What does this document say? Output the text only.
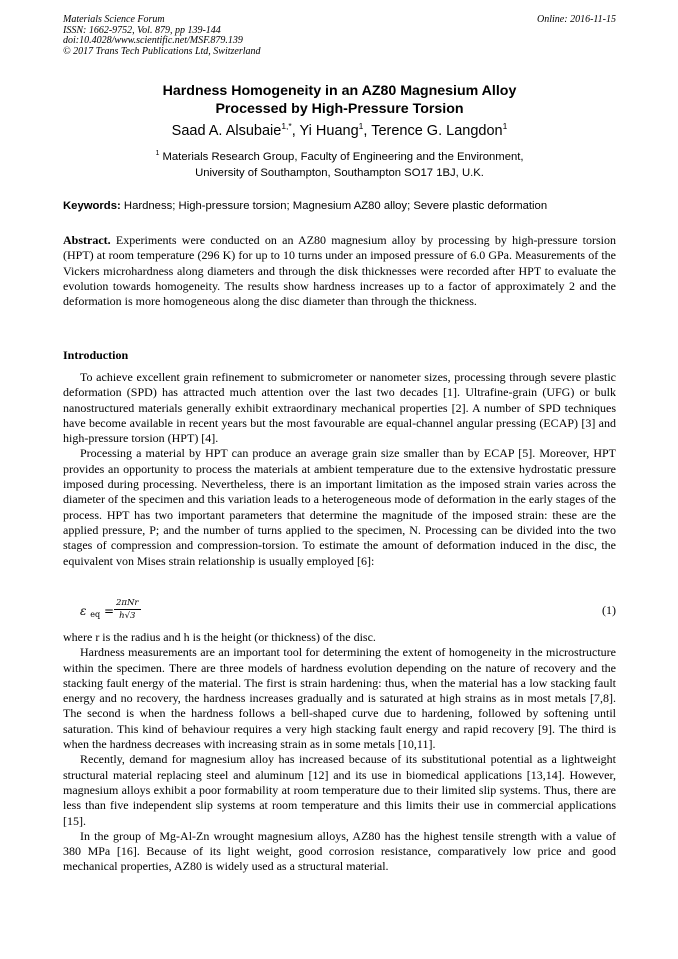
Materials Science Forum
ISSN: 1662-9752, Vol. 879, pp 139-144
doi:10.4028/www.scientific.net/MSF.879.139
© 2017 Trans Tech Publications Ltd, Switzerland
Online: 2016-11-15
Hardness Homogeneity in an AZ80 Magnesium Alloy
Processed by High-Pressure Torsion
Saad A. Alsubaie$^{1,*}$, Yi Huang$^1$, Terence G. Langdon$^1$
$^1$ Materials Research Group, Faculty of Engineering and the Environment,
University of Southampton, Southampton SO17 1BJ, U.K.
Keywords: Hardness; High-pressure torsion; Magnesium AZ80 alloy; Severe plastic deformation
Abstract. Experiments were conducted on an AZ80 magnesium alloy by processing by high-pressure torsion (HPT) at room temperature (296 K) for up to 10 turns under an imposed pressure of 6.0 GPa. Measurements of the Vickers microhardness along diameters and through the disk thicknesses were recorded after HPT to evaluate the evolution towards homogeneity. The results show hardness increases up to a factor of approximately 2 and the deformation is more homogeneous along the disc diameter than through the thickness.
Introduction

To achieve excellent grain refinement to submicrometer or nanometer sizes, processing through severe plastic deformation (SPD) has attracted much attention over the last two decades [1]. Ultrafine-grain (UFG) or bulk nanostructured materials generally exhibit extraordinary mechanical properties [2]. A number of SPD techniques have become available in recent years but the most favourable are equal-channel angular pressing (ECAP) [3] and high-pressure torsion (HPT) [4].

Processing a material by HPT can produce an average grain size smaller than by ECAP [5]. Moreover, HPT provides an opportunity to process the materials at ambient temperature due to the extensive hydrostatic pressure imposed during processing. Nevertheless, there is an important limitation as the imposed strain varies across the diameter of the specimen and this variation leads to a heterogeneous mode of deformation in the early stages of the process. HPT has two important parameters that determine the magnitude of the imposed strain: these are the applied pressure, P; and the number of turns applied to the specimen, N. Processing can be divided into the two stages of compression and compression-torsion. To estimate the amount of deformation induced in the disc, the equivalent von Mises strain relationship is usually employed [6]:

ε eq =
2πNr
h√3	(1)

where r is the radius and h is the height (or thickness) of the disc.

Hardness measurements are an important tool for determining the extent of homogeneity in the microstructure within the specimen. There are three models of hardness evolution depending on the nature of recovery and the stacking fault energy of the material. The first is strain hardening: thus, when the material has a low stacking fault energy and no recovery, the hardness increases gradually and is saturated at high strains as in most metals [7,8]. The second is when the hardness follows a bell-shaped curve due to hardening, followed by softening until saturation. This kind of behaviour requires a very high stacking fault energy and rapid recovery [9]. The third is when the hardness decreases with increasing strain as in some metals [10,11].

Recently, demand for magnesium alloy has increased because of its substitutional potential as a lightweight structural material replacing steel and aluminum [12] and its use in biomedical applications [13,14]. However, magnesium alloys exhibit a poor formability at room temperature due to their limited slip systems. Thus, there are less than five independent slip systems at room temperature and this limits their use in commercial applications [15].

In the group of Mg-Al-Zn wrought magnesium alloys, AZ80 has the highest tensile strength with a value of 380 MPa [16]. Because of its light weight, good corrosion resistance, comparatively low price and good mechanical properties, AZ80 is widely used as a structural material.
